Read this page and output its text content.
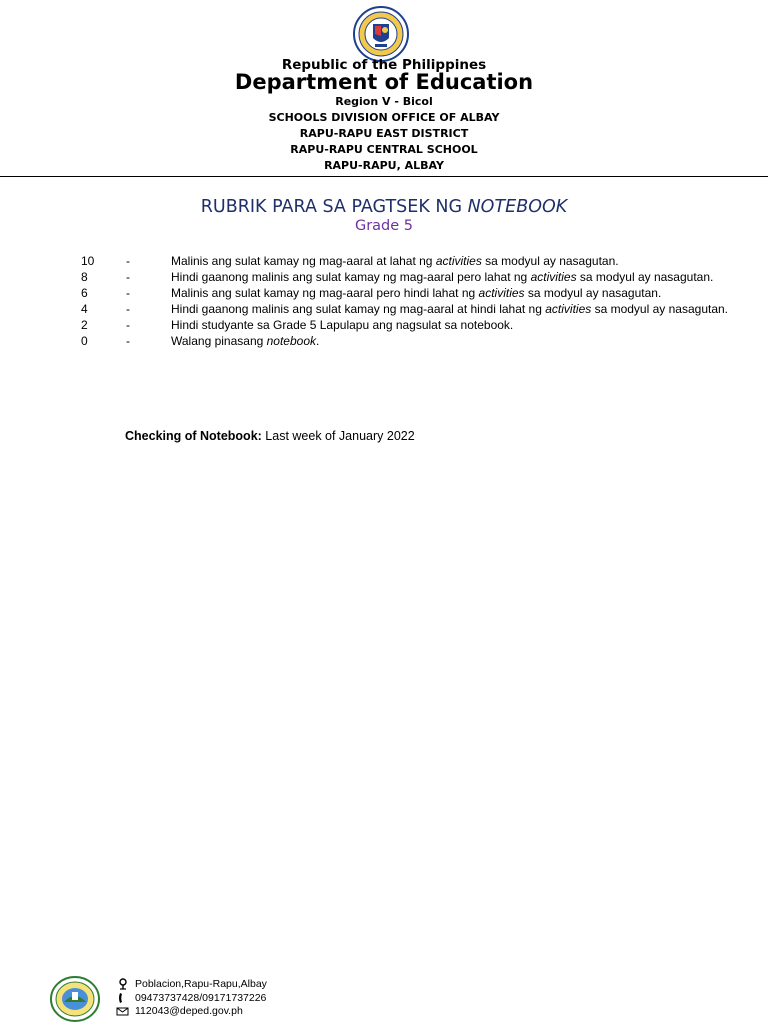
Republic of the Philippines
Department of Education
Region V - Bicol
SCHOOLS DIVISION OFFICE OF ALBAY
RAPU-RAPU EAST DISTRICT
RAPU-RAPU CENTRAL SCHOOL
RAPU-RAPU, ALBAY
RUBRIK PARA SA PAGTSEK NG NOTEBOOK
Grade 5
10	-	Malinis ang sulat kamay ng mag-aaral at lahat ng activities sa modyul ay nasagutan.
8	-	Hindi gaanong malinis ang sulat kamay ng mag-aaral pero lahat ng activities sa modyul ay nasagutan.
6	-	Malinis ang sulat kamay ng mag-aaral pero hindi lahat ng activities sa modyul ay nasagutan.
4	-	Hindi gaanong malinis ang sulat kamay ng mag-aaral at hindi lahat ng activities sa modyul ay nasagutan.
2	-	Hindi studyante sa Grade 5 Lapulapu ang nagsulat sa notebook.
0	-	Walang pinasang notebook.
Checking of Notebook: Last week of January 2022
Poblacion,Rapu-Rapu,Albay
09473737428/09171737226
112043@deped.gov.ph
